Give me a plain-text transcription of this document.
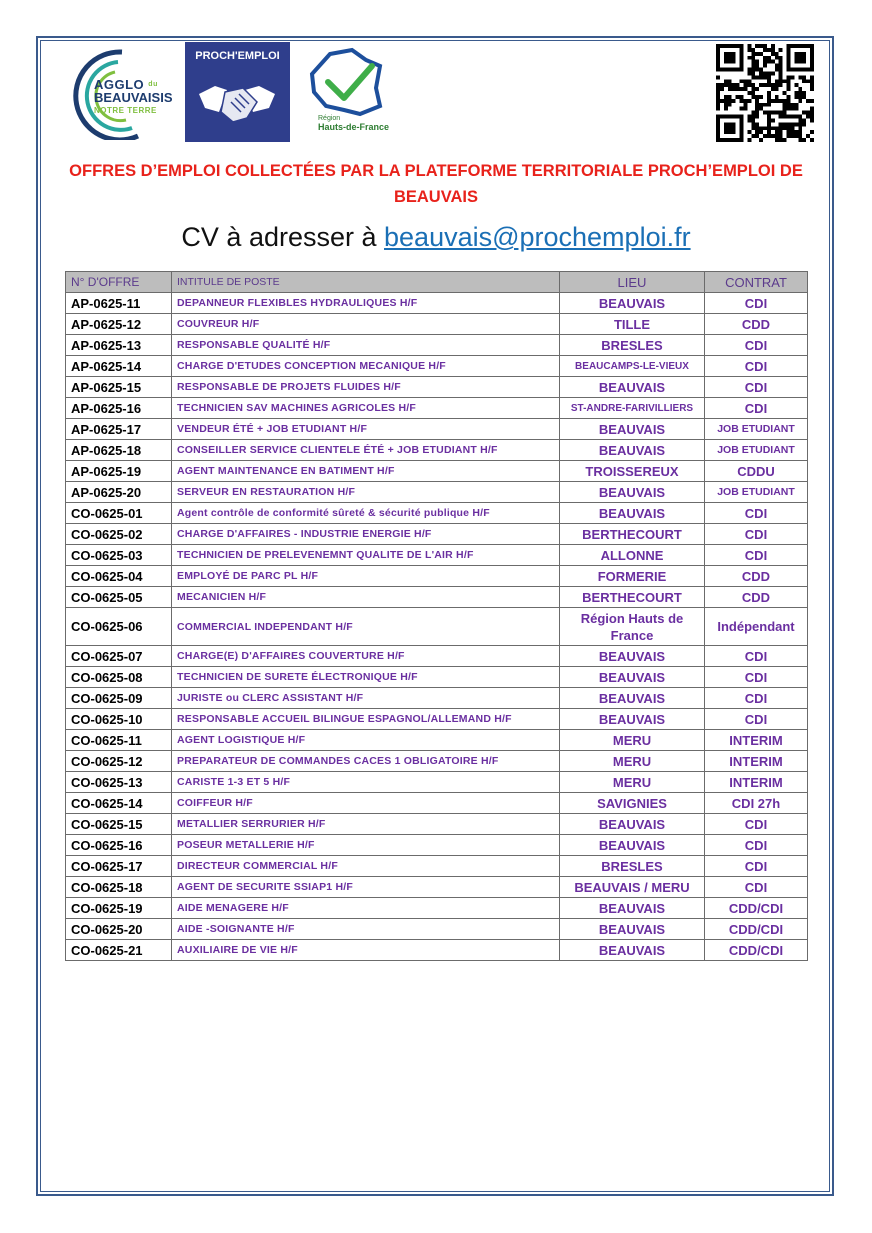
AGGLO $^{du}$
BEAUVAISIS
NOTRE TERRE
PROCH'EMPLOI
Région
Hauts-de-France
OFFRES D’EMPLOI COLLECTÉES PAR LA PLATEFORME TERRITORIALE PROCH’EMPLOI DE
BEAUVAIS
CV à adresser à beauvais@prochemploi.fr
N° D'OFFRE	INTITULE DE POSTE	LIEU	CONTRAT
AP-0625-11	DEPANNEUR FLEXIBLES HYDRAULIQUES H/F	BEAUVAIS	CDI
AP-0625-12	COUVREUR H/F	TILLE	CDD
AP-0625-13	RESPONSABLE QUALITÉ H/F	BRESLES	CDI
AP-0625-14	CHARGE D'ETUDES CONCEPTION MECANIQUE H/F	BEAUCAMPS-LE-VIEUX	CDI
AP-0625-15	RESPONSABLE DE PROJETS FLUIDES H/F	BEAUVAIS	CDI
AP-0625-16	TECHNICIEN SAV MACHINES AGRICOLES H/F	ST-ANDRE-FARIVILLIERS	CDI
AP-0625-17	VENDEUR ÉTÉ + JOB ETUDIANT H/F	BEAUVAIS	JOB ETUDIANT
AP-0625-18	CONSEILLER SERVICE CLIENTELE ÉTÉ + JOB ETUDIANT H/F	BEAUVAIS	JOB ETUDIANT
AP-0625-19	AGENT MAINTENANCE EN BATIMENT H/F	TROISSEREUX	CDDU
AP-0625-20	SERVEUR EN RESTAURATION H/F	BEAUVAIS	JOB ETUDIANT
CO-0625-01	Agent contrôle de conformité sûreté & sécurité publique H/F	BEAUVAIS	CDI
CO-0625-02	CHARGE D'AFFAIRES - INDUSTRIE ENERGIE H/F	BERTHECOURT	CDI
CO-0625-03	TECHNICIEN DE PRELEVENEMNT QUALITE DE L'AIR H/F	ALLONNE	CDI
CO-0625-04	EMPLOYÉ DE PARC PL H/F	FORMERIE	CDD
CO-0625-05	MECANICIEN H/F	BERTHECOURT	CDD
CO-0625-06	COMMERCIAL INDEPENDANT H/F	Région Hauts de France	Indépendant
CO-0625-07	CHARGE(E) D'AFFAIRES COUVERTURE H/F	BEAUVAIS	CDI
CO-0625-08	TECHNICIEN DE SURETE ÉLECTRONIQUE H/F	BEAUVAIS	CDI
CO-0625-09	JURISTE ou CLERC ASSISTANT H/F	BEAUVAIS	CDI
CO-0625-10	RESPONSABLE ACCUEIL BILINGUE ESPAGNOL/ALLEMAND H/F	BEAUVAIS	CDI
CO-0625-11	AGENT LOGISTIQUE H/F	MERU	INTERIM
CO-0625-12	PREPARATEUR DE COMMANDES CACES 1 OBLIGATOIRE H/F	MERU	INTERIM
CO-0625-13	CARISTE 1-3 ET 5 H/F	MERU	INTERIM
CO-0625-14	COIFFEUR H/F	SAVIGNIES	CDI 27h
CO-0625-15	METALLIER SERRURIER H/F	BEAUVAIS	CDI
CO-0625-16	POSEUR METALLERIE H/F	BEAUVAIS	CDI
CO-0625-17	DIRECTEUR COMMERCIAL H/F	BRESLES	CDI
CO-0625-18	AGENT DE SECURITE SSIAP1 H/F	BEAUVAIS / MERU	CDI
CO-0625-19	AIDE MENAGERE H/F	BEAUVAIS	CDD/CDI
CO-0625-20	AIDE -SOIGNANTE H/F	BEAUVAIS	CDD/CDI
CO-0625-21	AUXILIAIRE DE VIE H/F	BEAUVAIS	CDD/CDI
